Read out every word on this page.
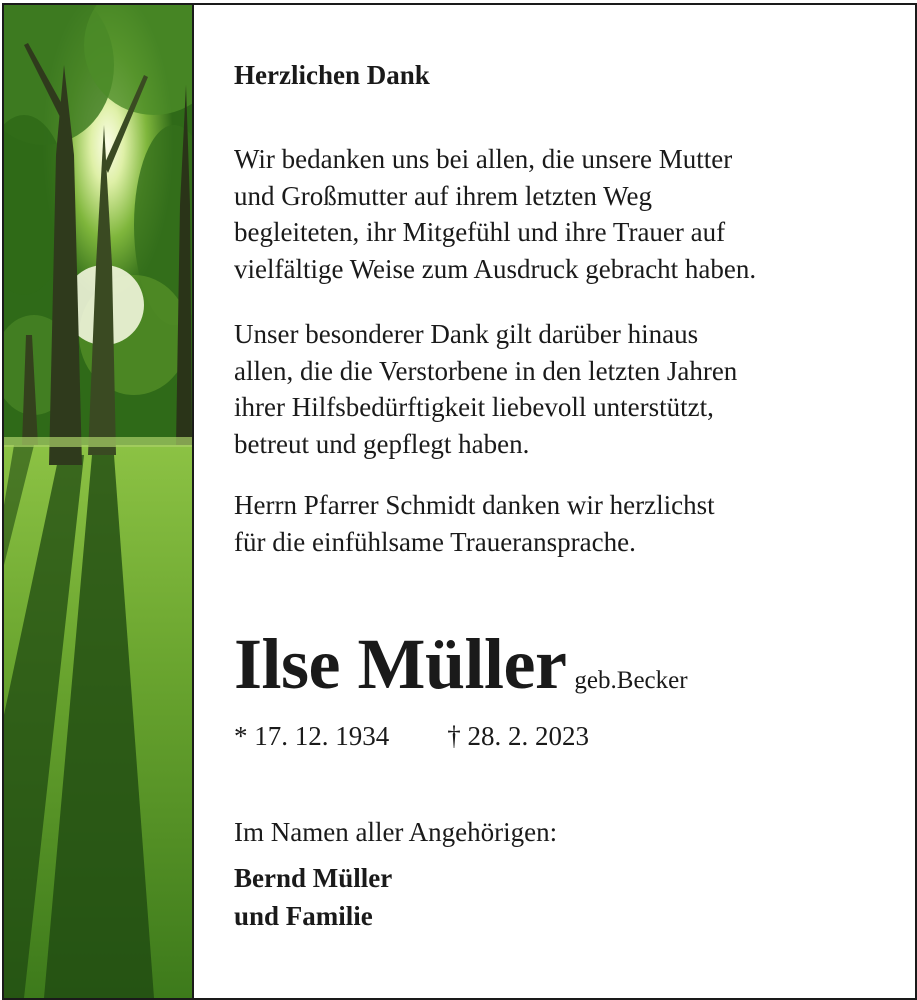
Herzlichen Dank
Wir bedanken uns bei allen, die unsere Mutter
und Großmutter auf ihrem letzten Weg
begleiteten, ihr Mitgefühl und ihre Trauer auf
vielfältige Weise zum Ausdruck gebracht haben.
Unser besonderer Dank gilt darüber hinaus
allen, die die Verstorbene in den letzten Jahren
ihrer Hilfsbedürftigkeit liebevoll unterstützt,
betreut und gepflegt haben.
Herrn Pfarrer Schmidt danken wir herzlichst
für die einfühlsame Traueransprache.
Ilse Müller geb.Becker
* 17. 12. 1934 † 28. 2. 2023
Im Namen aller Angehörigen:
Bernd Müller
und Familie
